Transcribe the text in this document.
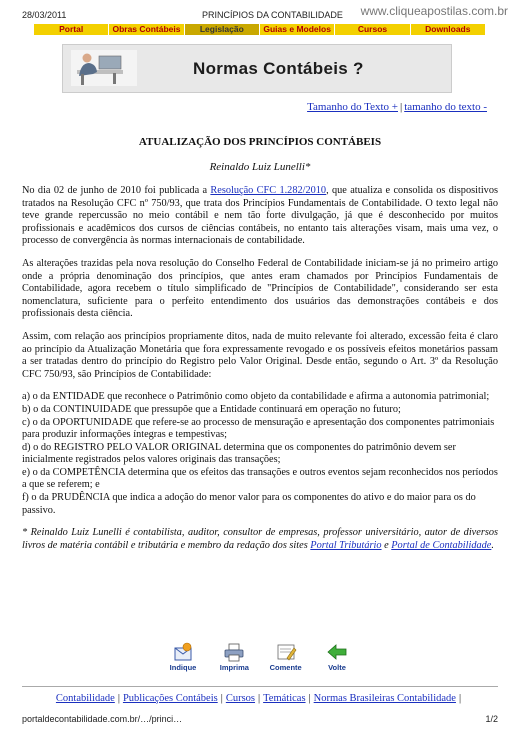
28/03/2011	PRINCÍPIOS DA CONTABILIDADE www.cliqueapostilas.com.br
Portal	Obras Contábeis	Legislação	Guias e Modelos	Cursos	Downloads
Normas Contábeis ?
Tamanho do Texto + | tamanho do texto -
ATUALIZAÇÃO DOS PRINCÍPIOS CONTÁBEIS
Reinaldo Luiz Lunelli*

No dia 02 de junho de 2010 foi publicada a Resolução CFC 1.282/2010, que atualiza e consolida os dispositivos tratados na Resolução CFC nº 750/93, que trata dos Princípios Fundamentais de Contabilidade. O texto legal não teve grande repercussão no meio contábil e nem tão forte divulgação, já que é desconhecido por muitos profissionais e acadêmicos dos cursos de ciências contábeis, no entanto tais alterações visam, mais uma vez, o processo de convergência às normas internacionais de contabilidade.

As alterações trazidas pela nova resolução do Conselho Federal de Contabilidade iniciam-se já no primeiro artigo onde a própria denominação dos princípios, que antes eram chamados por Princípios Fundamentais de Contabilidade, agora recebem o título simplificado de "Princípios de Contabilidade", considerando ser esta nomenclatura, suficiente para o perfeito entendimento dos usuários das demonstrações contábeis e dos profissionais desta ciência.

Assim, com relação aos princípios propriamente ditos, nada de muito relevante foi alterado, excessão feita é claro ao princípio da Atualização Monetária que fora expressamente revogado e os possíveis efeitos monetários passam a ser tratadas dentro do princípio do Registro pelo Valor Original. Desde então, segundo o Art. 3º da Resolução CFC 750/93, são Princípios de Contabilidade:

a) o da ENTIDADE que reconhece o Patrimônio como objeto da contabilidade e afirma a autonomia patrimonial;
b) o da CONTINUIDADE que pressupõe que a Entidade continuará em operação no futuro;
c) o da OPORTUNIDADE que refere-se ao processo de mensuração e apresentação dos componentes patrimoniais para produzir informações íntegras e tempestivas;
d) o do REGISTRO PELO VALOR ORIGINAL determina que os componentes do patrimônio devem ser inicialmente registrados pelos valores originais das transações;
e) o da COMPETÊNCIA determina que os efeitos das transações e outros eventos sejam reconhecidos nos períodos a que se referem; e
f) o da PRUDÊNCIA que indica a adoção do menor valor para os componentes do ativo e do maior para os do passivo.

* Reinaldo Luiz Lunelli é contabilista, auditor, consultor de empresas, professor universitário, autor de diversos livros de matéria contábil e tributária e membro da redação dos sites Portal Tributário e Portal de Contabilidade.

Indique	Imprima	Comente	Volte
Contabilidade | Publicações Contábeis | Cursos | Temáticas | Normas Brasileiras Contabilidade |
portaldecontabilidade.com.br/…/princi…	1/2
